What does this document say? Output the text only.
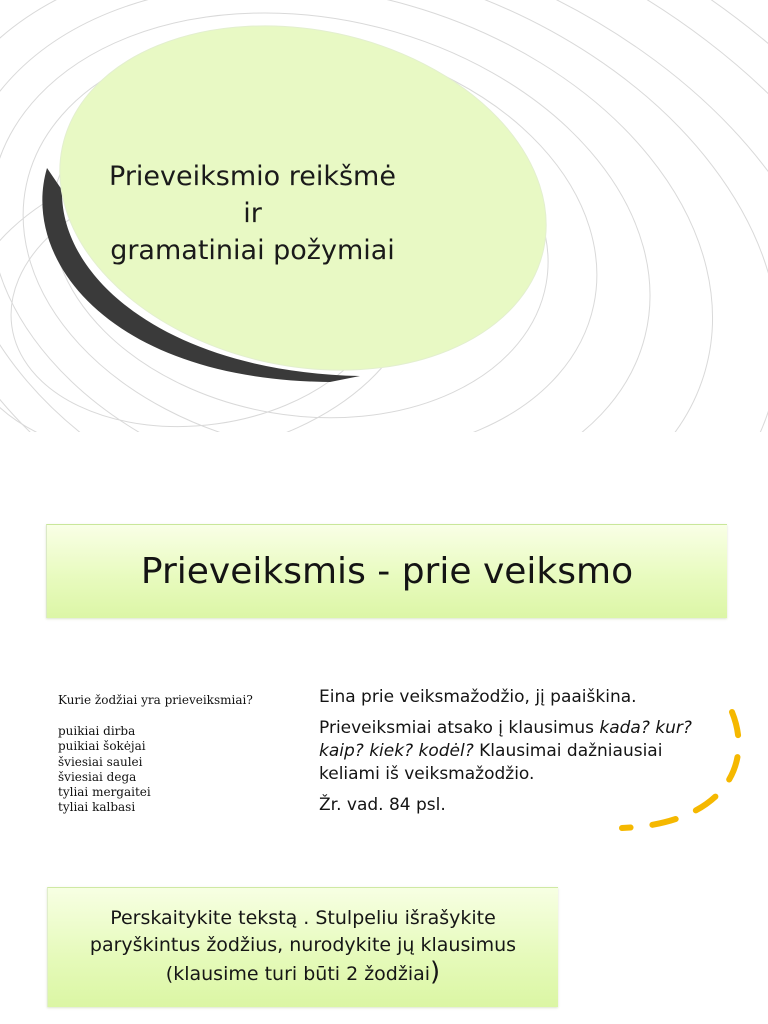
Prieveiksmio reikšmė ir
gramatiniai požymiai
Prieveiksmis - prie veiksmo
Kurie žodžiai yra prieveiksmiai?
puikiai dirba
puikiai šokėjai
šviesiai saulei
šviesiai dega
tyliai mergaitei
tyliai kalbasi

Eina prie veiksmažodžio, jį paaiškina.

Prieveiksmiai atsako į klausimus kada? kur? kaip? kiek? kodėl? Klausimai dažniausiai keliami iš veiksmažodžio.

Žr. vad. 84 psl.

Perskaitykite tekstą . Stulpeliu išrašykite
paryškintus žodžius, nurodykite jų klausimus
(klausime turi būti 2 žodžiai)
